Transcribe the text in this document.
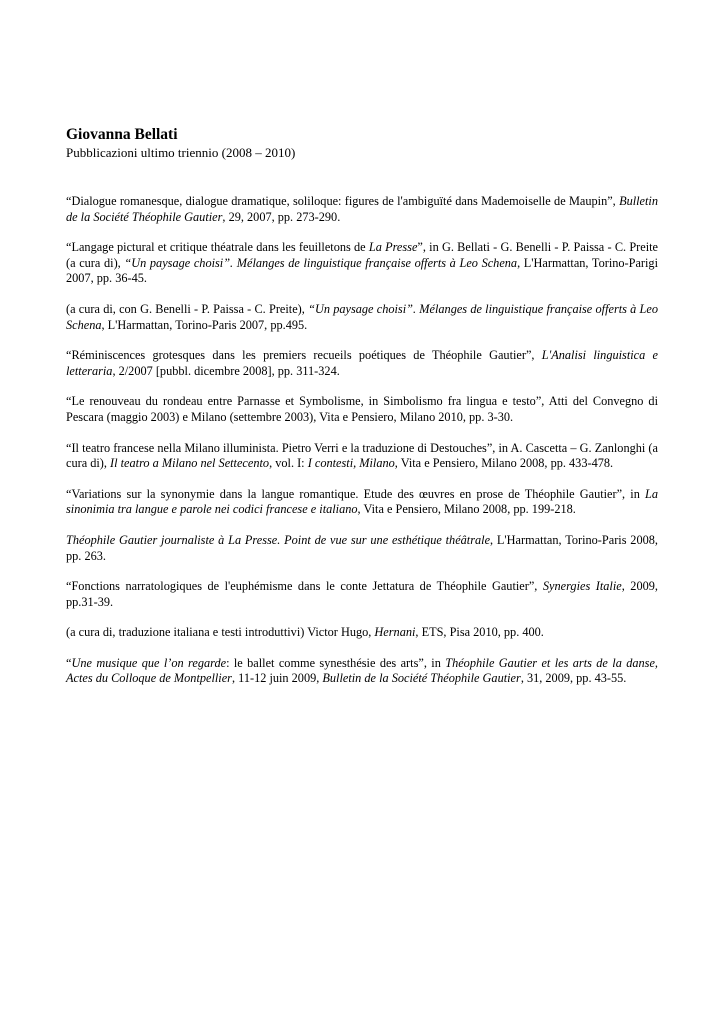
Giovanna Bellati
Pubblicazioni ultimo triennio (2008 – 2010)

“Dialogue romanesque, dialogue dramatique, soliloque: figures de l'ambiguïté dans Mademoiselle de Maupin”, Bulletin de la Société Théophile Gautier, 29, 2007, pp. 273-290.

“Langage pictural et critique théatrale dans les feuilletons de La Presse”, in G. Bellati - G. Benelli - P. Paissa - C. Preite (a cura di), “Un paysage choisi”. Mélanges de linguistique française offerts à Leo Schena, L'Harmattan, Torino-Parigi 2007, pp. 36-45.

(a cura di, con G. Benelli - P. Paissa - C. Preite), “Un paysage choisi”. Mélanges de linguistique française offerts à Leo Schena, L'Harmattan, Torino-Paris 2007, pp.495.

“Réminiscences grotesques dans les premiers recueils poétiques de Théophile Gautier”, L'Analisi linguistica e letteraria, 2/2007 [pubbl. dicembre 2008], pp. 311-324.

“Le renouveau du rondeau entre Parnasse et Symbolisme, in Simbolismo fra lingua e testo”, Atti del Convegno di Pescara (maggio 2003) e Milano (settembre 2003), Vita e Pensiero, Milano 2010, pp. 3-30.

“Il teatro francese nella Milano illuminista. Pietro Verri e la traduzione di Destouches”, in A. Cascetta – G. Zanlonghi (a cura di), Il teatro a Milano nel Settecento, vol. I: I contesti, Milano, Vita e Pensiero, Milano 2008, pp. 433-478.

“Variations sur la synonymie dans la langue romantique. Etude des œuvres en prose de Théophile Gautier”, in La sinonimia tra langue e parole nei codici francese e italiano, Vita e Pensiero, Milano 2008, pp. 199-218.

Théophile Gautier journaliste à La Presse. Point de vue sur une esthétique théâtrale, L'Harmattan, Torino-Paris 2008, pp. 263.

“Fonctions narratologiques de l'euphémisme dans le conte Jettatura de Théophile Gautier”, Synergies Italie, 2009, pp.31-39.

(a cura di, traduzione italiana e testi introduttivi) Victor Hugo, Hernani, ETS, Pisa 2010, pp. 400.

“Une musique que l’on regarde: le ballet comme synesthésie des arts”, in Théophile Gautier et les arts de la danse, Actes du Colloque de Montpellier, 11-12 juin 2009, Bulletin de la Société Théophile Gautier, 31, 2009, pp. 43-55.
